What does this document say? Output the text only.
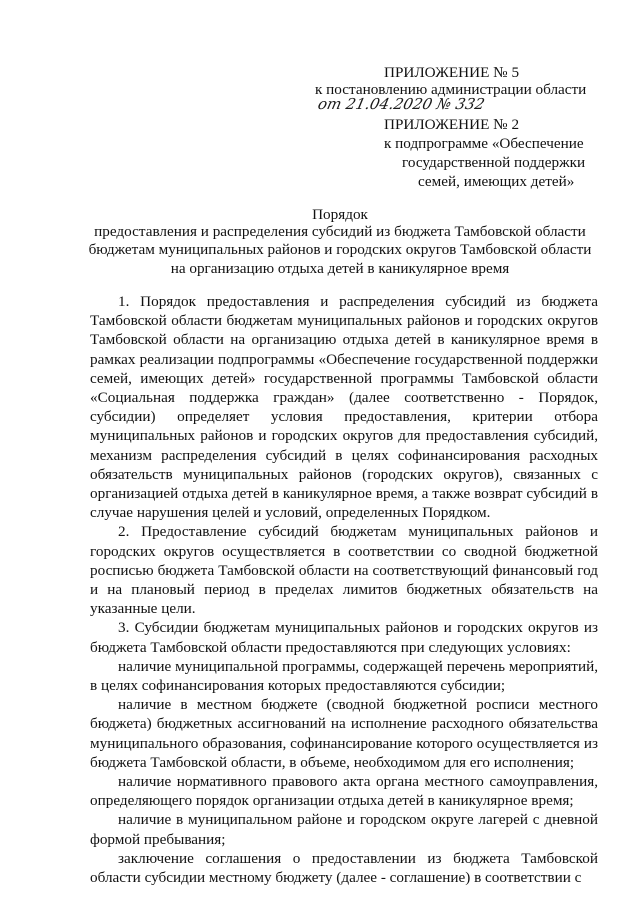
ПРИЛОЖЕНИЕ № 5
к постановлению администрации области
от 21.04.2020 № 332
ПРИЛОЖЕНИЕ № 2
к подпрограмме «Обеспечение
государственной поддержки
семей, имеющих детей»
Порядок
предоставления и распределения субсидий из бюджета Тамбовской области
бюджетам муниципальных районов и городских округов Тамбовской области
на организацию отдыха детей в каникулярное время

1. Порядок предоставления и распределения субсидий из бюджета Тамбовской области бюджетам муниципальных районов и городских округов Тамбовской области на организацию отдыха детей в каникулярное время в рамках реализации подпрограммы «Обеспечение государственной поддержки семей, имеющих детей» государственной программы Тамбовской области «Социальная поддержка граждан» (далее соответственно - Порядок, субсидии) определяет условия предоставления, критерии отбора муниципальных районов и городских округов для предоставления субсидий, механизм распределения субсидий в целях софинансирования расходных обязательств муниципальных районов (городских округов), связанных с организацией отдыха детей в каникулярное время, а также возврат субсидий в случае нарушения целей и условий, определенных Порядком.

2. Предоставление субсидий бюджетам муниципальных районов и городских округов осуществляется в соответствии со сводной бюджетной росписью бюджета Тамбовской области на соответствующий финансовый год и на плановый период в пределах лимитов бюджетных обязательств на указанные цели.

3. Субсидии бюджетам муниципальных районов и городских округов из бюджета Тамбовской области предоставляются при следующих условиях:

наличие муниципальной программы, содержащей перечень мероприятий, в целях софинансирования которых предоставляются субсидии;

наличие в местном бюджете (сводной бюджетной росписи местного бюджета) бюджетных ассигнований на исполнение расходного обязательства муниципального образования, софинансирование которого осуществляется из бюджета Тамбовской области, в объеме, необходимом для его исполнения;

наличие нормативного правового акта органа местного самоуправления, определяющего порядок организации отдыха детей в каникулярное время;

наличие в муниципальном районе и городском округе лагерей с дневной формой пребывания;

заключение соглашения о предоставлении из бюджета Тамбовской области субсидии местному бюджету (далее - соглашение) в соответствии с
